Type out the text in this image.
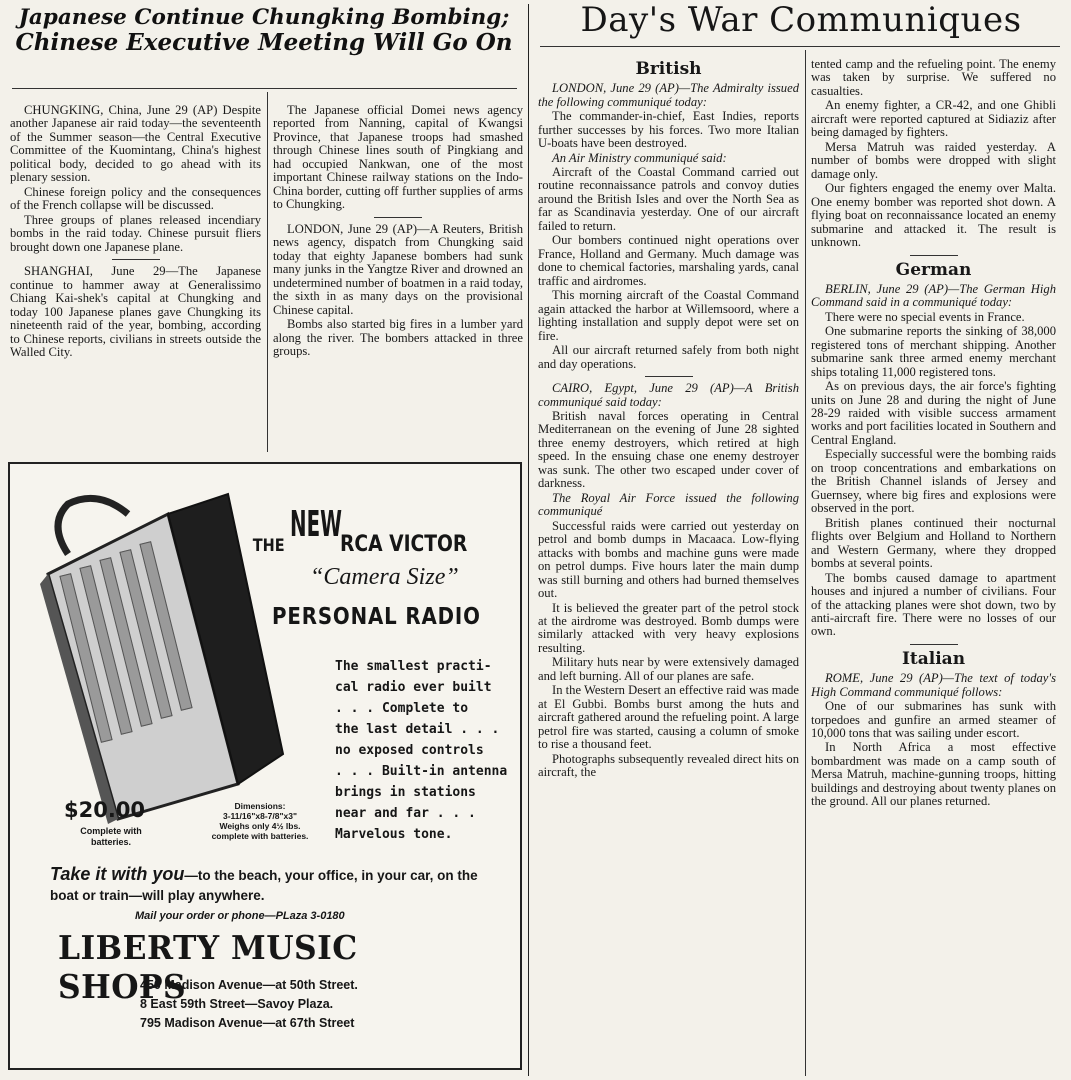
Japanese Continue Chungking Bombing;
Chinese Executive Meeting Will Go On

CHUNGKING, China, June 29 (AP) Despite another Japanese air raid today—the seventeenth of the Summer season—the Central Executive Committee of the Kuomintang, China's highest political body, decided to go ahead with its plenary session.

Chinese foreign policy and the consequences of the French collapse will be discussed.

Three groups of planes released incendiary bombs in the raid today. Chinese pursuit fliers brought down one Japanese plane.

SHANGHAI, June 29—The Japanese continue to hammer away at Generalissimo Chiang Kai-shek's capital at Chungking and today 100 Japanese planes gave Chungking its nineteenth raid of the year, bombing, according to Chinese reports, civilians in streets outside the Walled City.

The Japanese official Domei news agency reported from Nanning, capital of Kwangsi Province, that Japanese troops had smashed through Chinese lines south of Pingkiang and had occupied Nankwan, one of the most important Chinese railway stations on the Indo-China border, cutting off further supplies of arms to Chungking.

LONDON, June 29 (AP)—A Reuters, British news agency, dispatch from Chungking said today that eighty Japanese bombers had sunk many junks in the Yangtze River and drowned an undetermined number of boatmen in a raid today, the sixth in as many days on the provisional Chinese capital.

Bombs also started big fires in a lumber yard along the river. The bombers attacked in three groups.

THE
NEW
RCA VICTOR
“Camera Size”
PERSONAL RADIO
The smallest practi-
cal radio ever built
. . . Complete to
the last detail . . .
no exposed controls
. . . Built-in antenna
brings in stations
near and far . . .
Marvelous tone.
$20.00
Complete with batteries.
Dimensions:
3-11/16"x8-7/8"x3"
Weighs only 4½ lbs. complete with batteries.
Take it with you—to the beach, your office, in your car, on the boat or train—will play anywhere.
Mail your order or phone—PLaza 3-0180
LIBERTY MUSIC SHOPS
450 Madison Avenue—at 50th Street.
8 East 59th Street—Savoy Plaza.
795 Madison Avenue—at 67th Street
Day's War Communiques
British

LONDON, June 29 (AP)—The Admiralty issued the following communiqué today:

The commander-in-chief, East Indies, reports further successes by his forces. Two more Italian U-boats have been destroyed.

An Air Ministry communiqué said:

Aircraft of the Coastal Command carried out routine reconnaissance patrols and convoy duties around the British Isles and over the North Sea as far as Scandinavia yesterday. One of our aircraft failed to return.

Our bombers continued night operations over France, Holland and Germany. Much damage was done to chemical factories, marshaling yards, canal traffic and airdromes.

This morning aircraft of the Coastal Command again attacked the harbor at Willemsoord, where a lighting installation and supply depot were set on fire.

All our aircraft returned safely from both night and day operations.

CAIRO, Egypt, June 29 (AP)—A British communiqué said today:

British naval forces operating in Central Mediterranean on the evening of June 28 sighted three enemy destroyers, which retired at high speed. In the ensuing chase one enemy destroyer was sunk. The other two escaped under cover of darkness.

The Royal Air Force issued the following communiqué

Successful raids were carried out yesterday on petrol and bomb dumps in Macaaca. Low-flying attacks with bombs and machine guns were made on petrol dumps. Five hours later the main dump was still burning and others had burned themselves out.

It is believed the greater part of the petrol stock at the airdrome was destroyed. Bomb dumps were similarly attacked with very heavy explosions resulting.

Military huts near by were extensively damaged and left burning. All of our planes are safe.

In the Western Desert an effective raid was made at El Gubbi. Bombs burst among the huts and aircraft gathered around the refueling point. A large petrol fire was started, causing a column of smoke to rise a thousand feet.

Photographs subsequently revealed direct hits on aircraft, the

tented camp and the refueling point. The enemy was taken by surprise. We suffered no casualties.

An enemy fighter, a CR-42, and one Ghibli aircraft were reported captured at Sidiaziz after being damaged by fighters.

Mersa Matruh was raided yesterday. A number of bombs were dropped with slight damage only.

Our fighters engaged the enemy over Malta. One enemy bomber was reported shot down. A flying boat on reconnaissance located an enemy submarine and attacked it. The result is unknown.

German

BERLIN, June 29 (AP)—The German High Command said in a communiqué today:

There were no special events in France.

One submarine reports the sinking of 38,000 registered tons of merchant shipping. Another submarine sank three armed enemy merchant ships totaling 11,000 registered tons.

As on previous days, the air force's fighting units on June 28 and during the night of June 28-29 raided with visible success armament works and port facilities located in Southern and Central England.

Especially successful were the bombing raids on troop concentrations and embarkations on the British Channel islands of Jersey and Guernsey, where big fires and explosions were observed in the port.

British planes continued their nocturnal flights over Belgium and Holland to Northern and Western Germany, where they dropped bombs at several points.

The bombs caused damage to apartment houses and injured a number of civilians. Four of the attacking planes were shot down, two by anti-aircraft fire. There were no losses of our own.

Italian

ROME, June 29 (AP)—The text of today's High Command communiqué follows:

One of our submarines has sunk with torpedoes and gunfire an armed steamer of 10,000 tons that was sailing under escort.

In North Africa a most effective bombardment was made on a camp south of Mersa Matruh, machine-gunning troops, hitting buildings and destroying about twenty planes on the ground. All our planes returned.
